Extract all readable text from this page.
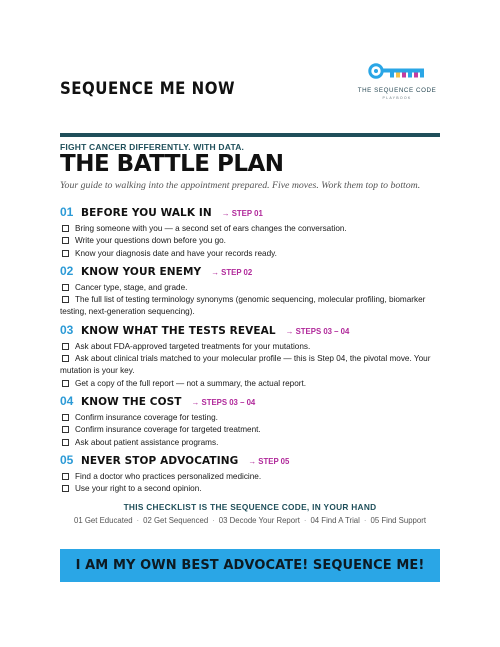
SEQUENCE ME NOW	THE SEQUENCE CODE
PLAYBOOK
FIGHT CANCER DIFFERENTLY. WITH DATA.
THE BATTLE PLAN
Your guide to walking into the appointment prepared. Five moves. Work them top to bottom.
01 BEFORE YOU WALK IN → STEP 01
Bring someone with you — a second set of ears changes the conversation.
Write your questions down before you go.
Know your diagnosis date and have your records ready.
02 KNOW YOUR ENEMY → STEP 02
Cancer type, stage, and grade.
The full list of testing terminology synonyms (genomic sequencing, molecular profiling, biomarker testing, next-generation sequencing).
03 KNOW WHAT THE TESTS REVEAL → STEPS 03 – 04
Ask about FDA-approved targeted treatments for your mutations.
Ask about clinical trials matched to your molecular profile — this is Step 04, the pivotal move. Your mutation is your key.
Get a copy of the full report — not a summary, the actual report.
04 KNOW THE COST → STEPS 03 – 04
Confirm insurance coverage for testing.
Confirm insurance coverage for targeted treatment.
Ask about patient assistance programs.
05 NEVER STOP ADVOCATING → STEP 05
Find a doctor who practices personalized medicine.
Use your right to a second opinion.
THIS CHECKLIST IS THE SEQUENCE CODE, IN YOUR HAND
01 Get Educated · 02 Get Sequenced · 03 Decode Your Report · 04 Find A Trial · 05 Find Support
I AM MY OWN BEST ADVOCATE! SEQUENCE ME!
